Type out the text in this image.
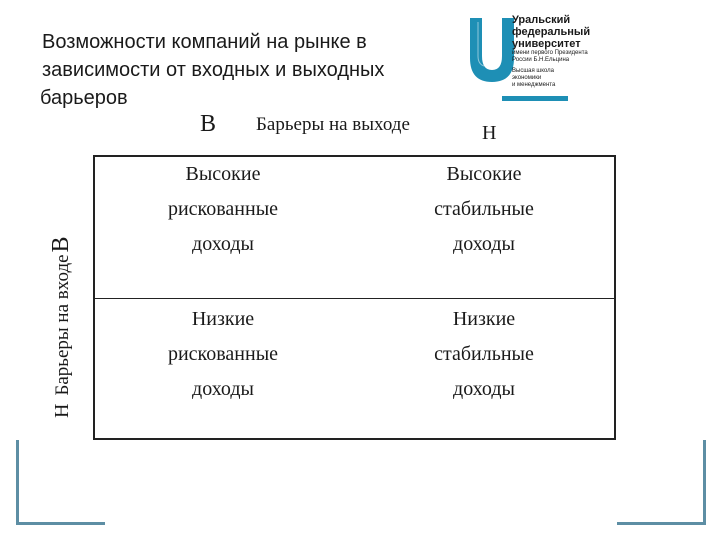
Возможности компаний на рынке в
зависимости от входных и выходных
барьеров
Уральский
федеральный
университет
имени первого Президента
России Б.Н.Ельцина
Высшая школа
экономики
и менеджмента
В Барьеры на выходе	Н
НБарьеры на входеВ
Высокие
рискованные
доходы
Высокие
стабильные
доходы
Низкие
рискованные
доходы
Низкие
стабильные
доходы
